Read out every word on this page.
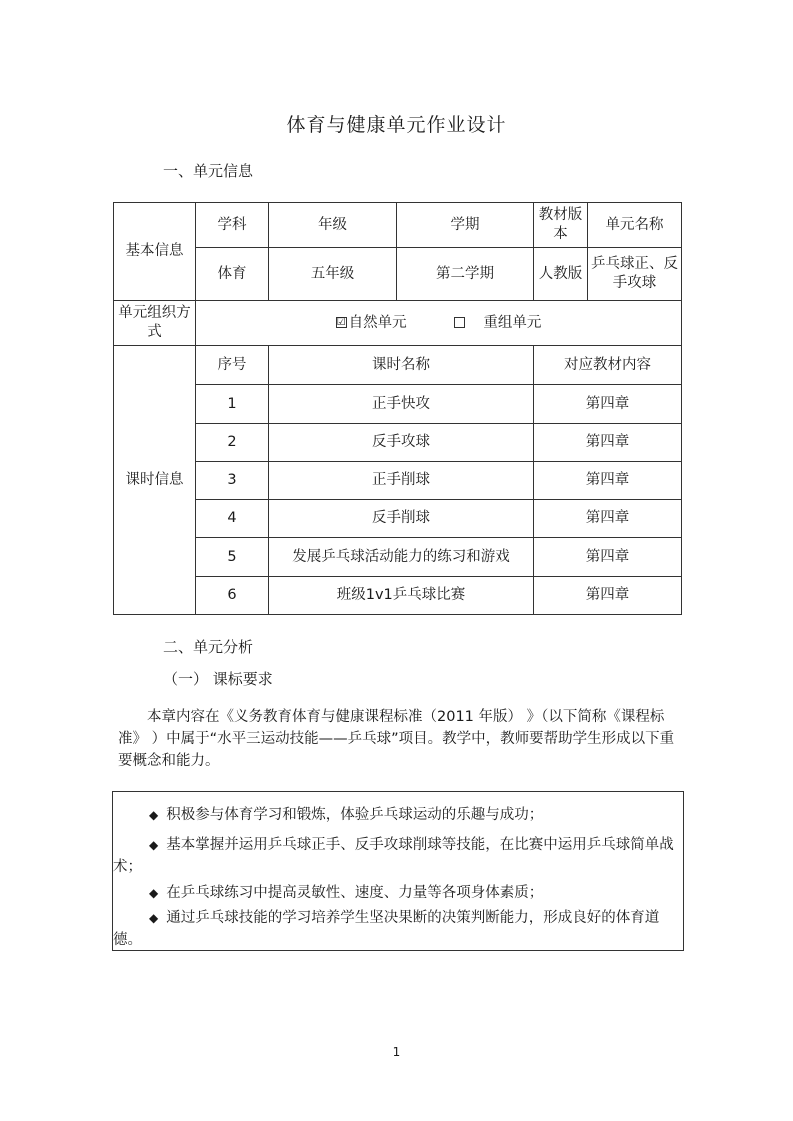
体育与健康单元作业设计
一、单元信息
基本信息	学科	年级	学期	教材版本	单元名称
	体育	五年级	第二学期	人教版	乒乓球正、反手攻球
单元组织方式	☑ 自然单元 重组单元				
课时信息	序号	课时名称		对应教材内容	
	1	正手快攻		第四章	
	2	反手攻球		第四章	
	3	正手削球		第四章	
	4	反手削球		第四章	
	5	发展乒乓球活动能力的练习和游戏		第四章	
	6	班级1v1乒乓球比赛		第四章	
二、单元分析
（一） 课标要求
本章内容在《义务教育体育与健康课程标准（2011 年版） 》（以下简称《课程标准》 ）中属于“水平三运动技能——乒乓球”项目。教学中，教师要帮助学生形成以下重要概念和能力。
◆ 积极参与体育学习和锻炼，体验乒乓球运动的乐趣与成功；
◆ 基本掌握并运用乒乓球正手、反手攻球削球等技能，在比赛中运用乒乓球简单战术；
◆ 在乒乓球练习中提高灵敏性、速度、力量等各项身体素质；
◆ 通过乒乓球技能的学习培养学生坚决果断的决策判断能力，形成良好的体育道德。
1
